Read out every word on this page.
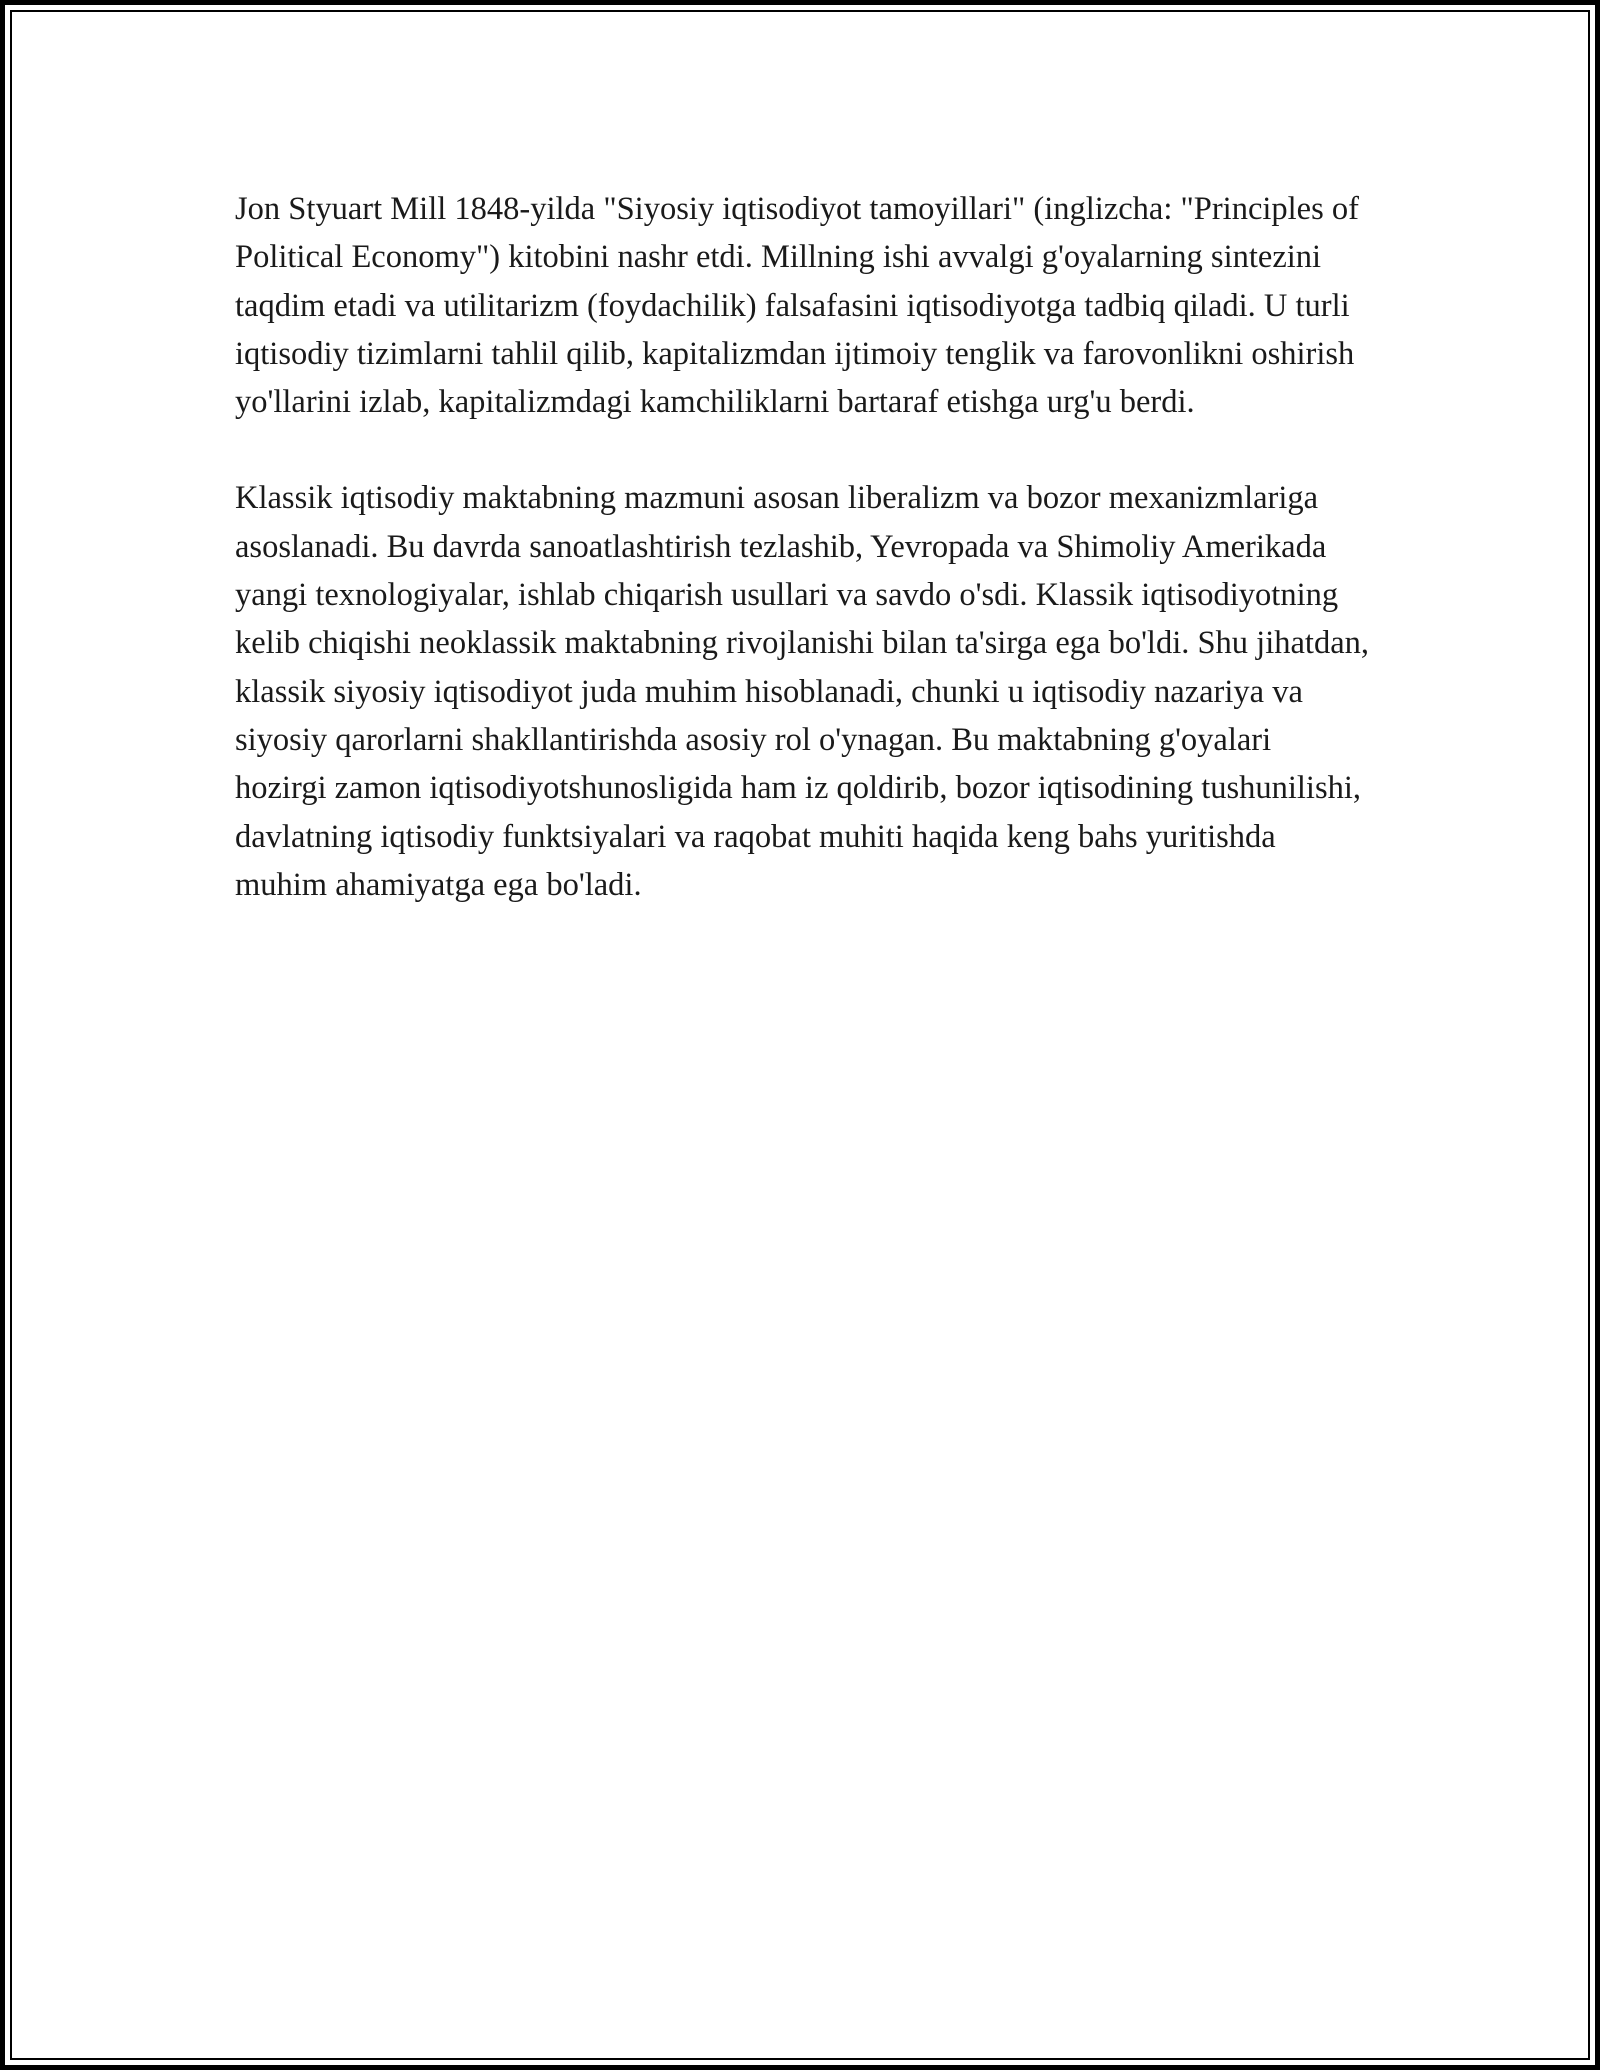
Jon Styuart Mill 1848-yilda "Siyosiy iqtisodiyot tamoyillari" (inglizcha: "Principles of Political Economy") kitobini nashr etdi. Millning ishi avvalgi g'oyalarning sintezini taqdim etadi va utilitarizm (foydachilik) falsafasini iqtisodiyotga tadbiq qiladi. U turli iqtisodiy tizimlarni tahlil qilib, kapitalizmdan ijtimoiy tenglik va farovonlikni oshirish yo'llarini izlab, kapitalizmdagi kamchiliklarni bartaraf etishga urg'u berdi.

Klassik iqtisodiy maktabning mazmuni asosan liberalizm va bozor mexanizmlariga asoslanadi. Bu davrda sanoatlashtirish tezlashib, Yevropada va Shimoliy Amerikada yangi texnologiyalar, ishlab chiqarish usullari va savdo o'sdi. Klassik iqtisodiyotning kelib chiqishi neoklassik maktabning rivojlanishi bilan ta'sirga ega bo'ldi. Shu jihatdan, klassik siyosiy iqtisodiyot juda muhim hisoblanadi, chunki u iqtisodiy nazariya va siyosiy qarorlarni shakllantirishda asosiy rol o'ynagan. Bu maktabning g'oyalari hozirgi zamon iqtisodiyotshunosligida ham iz qoldirib, bozor iqtisodining tushunilishi, davlatning iqtisodiy funktsiyalari va raqobat muhiti haqida keng bahs yuritishda muhim ahamiyatga ega bo'ladi.
